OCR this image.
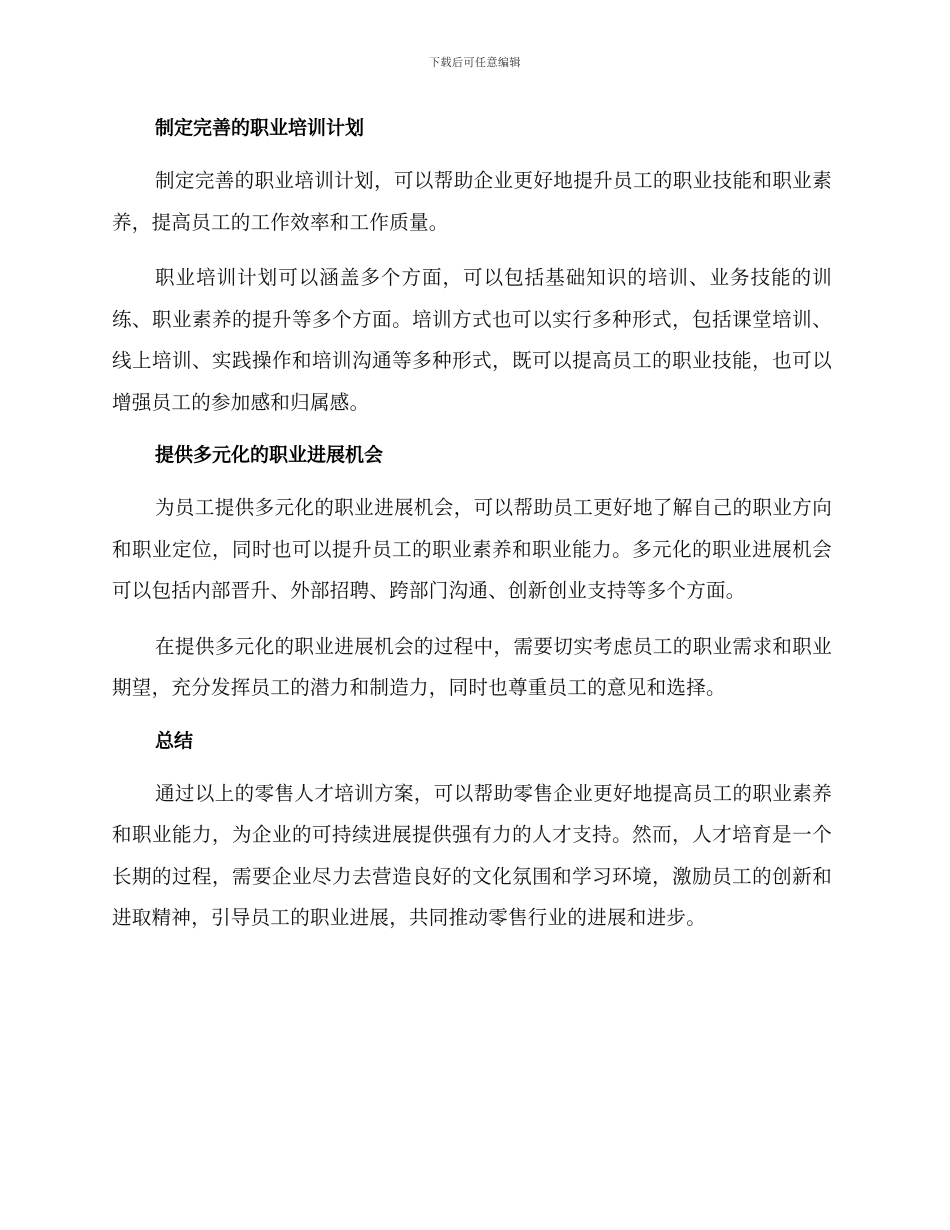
下载后可任意编辑
制定完善的职业培训计划

制定完善的职业培训计划，可以帮助企业更好地提升员工的职业技能和职业素养，提高员工的工作效率和工作质量。

职业培训计划可以涵盖多个方面，可以包括基础知识的培训、业务技能的训练、职业素养的提升等多个方面。培训方式也可以实行多种形式，包括课堂培训、线上培训、实践操作和培训沟通等多种形式，既可以提高员工的职业技能，也可以增强员工的参加感和归属感。

提供多元化的职业进展机会

为员工提供多元化的职业进展机会，可以帮助员工更好地了解自己的职业方向和职业定位，同时也可以提升员工的职业素养和职业能力。多元化的职业进展机会可以包括内部晋升、外部招聘、跨部门沟通、创新创业支持等多个方面。

在提供多元化的职业进展机会的过程中，需要切实考虑员工的职业需求和职业期望，充分发挥员工的潜力和制造力，同时也尊重员工的意见和选择。

总结

通过以上的零售人才培训方案，可以帮助零售企业更好地提高员工的职业素养和职业能力，为企业的可持续进展提供强有力的人才支持。然而，人才培育是一个长期的过程，需要企业尽力去营造良好的文化氛围和学习环境，激励员工的创新和进取精神，引导员工的职业进展，共同推动零售行业的进展和进步。
